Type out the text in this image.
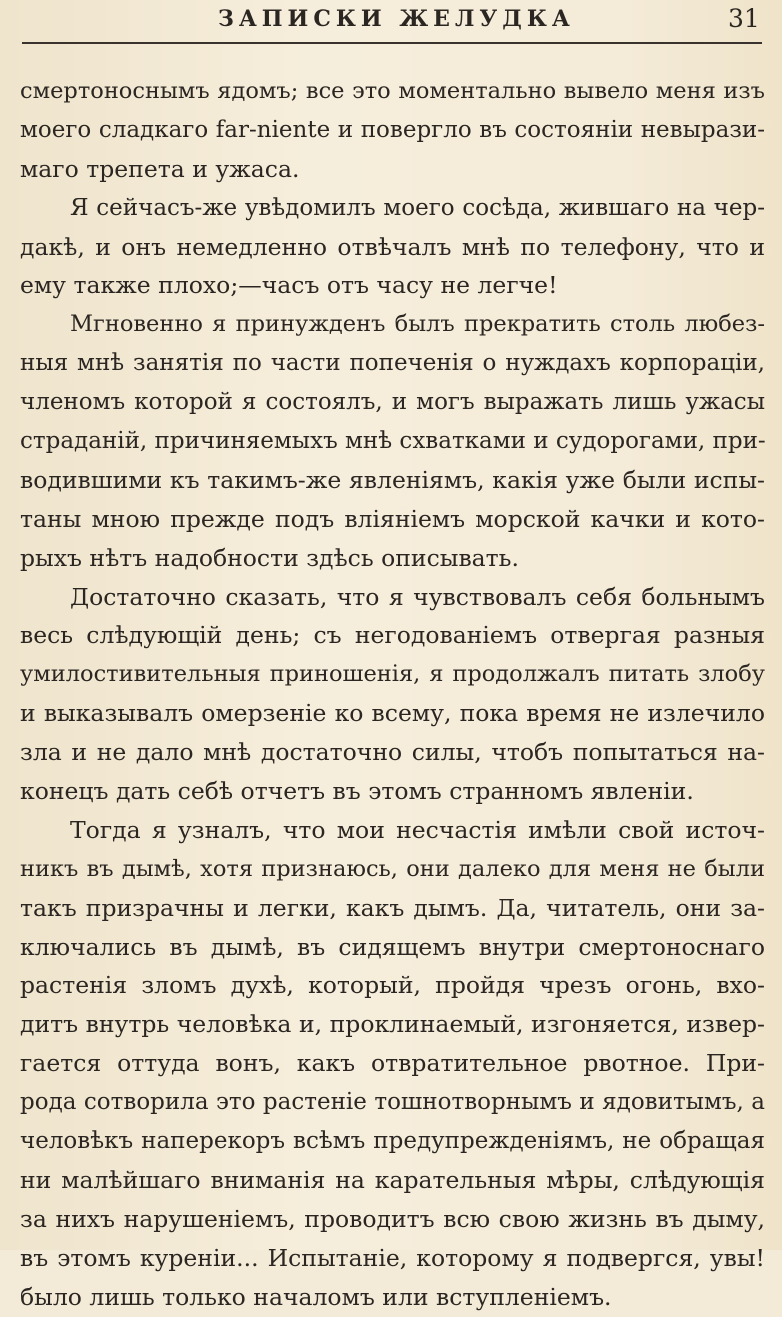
ЗАПИСКИ ЖЕЛУДКА	31
смертоноснымъ ядомъ; все это моментально вывело меня изъ
моего сладкаго far-niente и повергло въ состояніи невырази-
маго трепета и ужаса.
Я сейчасъ-же увѣдомилъ моего сосѣда, жившаго на чер-
дакѣ, и онъ немедленно отвѣчалъ мнѣ по телефону, что и
ему также плохо;—часъ отъ часу не легче!
Мгновенно я принужденъ былъ прекратить столь любез-
ныя мнѣ занятія по части попеченія о нуждахъ корпораціи,
членомъ которой я состоялъ, и могъ выражать лишь ужасы
страданій, причиняемыхъ мнѣ схватками и судорогами, при-
водившими къ такимъ-же явленіямъ, какія уже были испы-
таны мною прежде подъ вліяніемъ морской качки и кото-
рыхъ нѣтъ надобности здѣсь описывать.
Достаточно сказать, что я чувствовалъ себя больнымъ
весь слѣдующій день; съ негодованіемъ отвергая разныя
умилостивительныя приношенія, я продолжалъ питать злобу
и выказывалъ омерзеніе ко всему, пока время не излечило
зла и не дало мнѣ достаточно силы, чтобъ попытаться на-
конецъ дать себѣ отчетъ въ этомъ странномъ явленіи.
Тогда я узналъ, что мои несчастія имѣли свой источ-
никъ въ дымѣ, хотя признаюсь, они далеко для меня не были
такъ призрачны и легки, какъ дымъ. Да, читатель, они за-
ключались въ дымѣ, въ сидящемъ внутри смертоноснаго
растенія зломъ духѣ, который, пройдя чрезъ огонь, вхо-
дитъ внутрь человѣка и, проклинаемый, изгоняется, извер-
гается оттуда вонъ, какъ отвратительное рвотное. При-
рода сотворила это растеніе тошнотворнымъ и ядовитымъ, а
человѣкъ наперекоръ всѣмъ предупрежденіямъ, не обращая
ни малѣйшаго вниманія на карательныя мѣры, слѣдующія
за нихъ нарушеніемъ, проводитъ всю свою жизнь въ дыму,
въ этомъ куреніи... Испытаніе, которому я подвергся, увы!
было лишь только началомъ или вступленіемъ.
